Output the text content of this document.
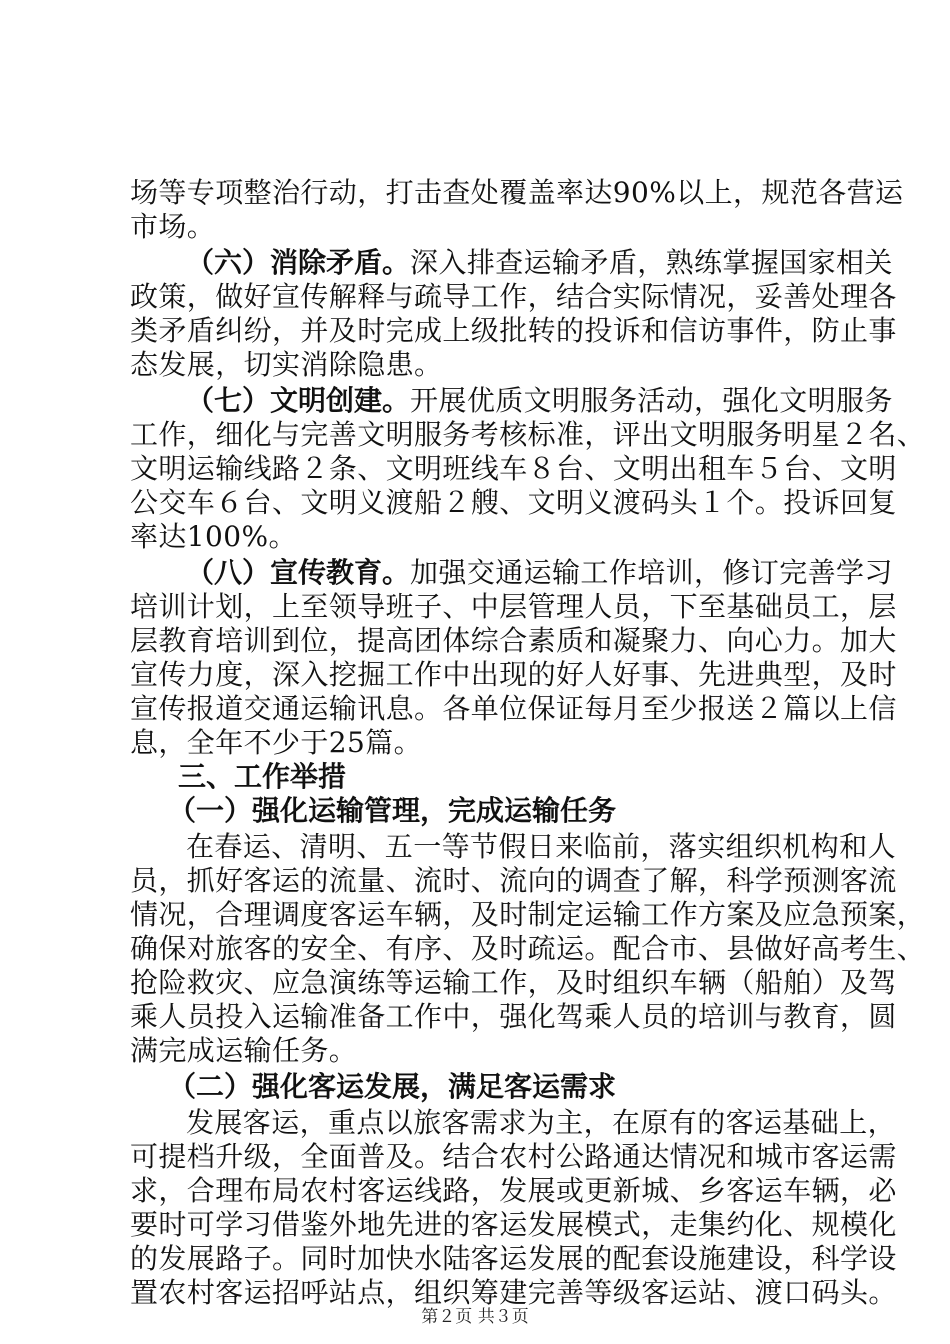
场等专项整治行动，打击查处覆盖率达90%以上，规范各营运
市场。
（六）消除矛盾。深入排查运输矛盾，熟练掌握国家相关
政策，做好宣传解释与疏导工作，结合实际情况，妥善处理各
类矛盾纠纷，并及时完成上级批转的投诉和信访事件，防止事
态发展，切实消除隐患。
（七）文明创建。开展优质文明服务活动，强化文明服务
工作，细化与完善文明服务考核标准，评出文明服务明星２名、
文明运输线路２条、文明班线车８台、文明出租车５台、文明
公交车６台、文明义渡船２艘、文明义渡码头１个。投诉回复
率达100%。
（八）宣传教育。加强交通运输工作培训，修订完善学习
培训计划，上至领导班子、中层管理人员，下至基础员工，层
层教育培训到位，提高团体综合素质和凝聚力、向心力。加大
宣传力度，深入挖掘工作中出现的好人好事、先进典型，及时
宣传报道交通运输讯息。各单位保证每月至少报送２篇以上信
息，全年不少于25篇。
三、工作举措
（一）强化运输管理，完成运输任务
在春运、清明、五一等节假日来临前，落实组织机构和人
员，抓好客运的流量、流时、流向的调查了解，科学预测客流
情况，合理调度客运车辆，及时制定运输工作方案及应急预案，
确保对旅客的安全、有序、及时疏运。配合市、县做好高考生、
抢险救灾、应急演练等运输工作，及时组织车辆（船舶）及驾
乘人员投入运输准备工作中，强化驾乘人员的培训与教育，圆
满完成运输任务。
（二）强化客运发展，满足客运需求
发展客运，重点以旅客需求为主，在原有的客运基础上，
可提档升级，全面普及。结合农村公路通达情况和城市客运需
求，合理布局农村客运线路，发展或更新城、乡客运车辆，必
要时可学习借鉴外地先进的客运发展模式，走集约化、规模化
的发展路子。同时加快水陆客运发展的配套设施建设，科学设
置农村客运招呼站点，组织筹建完善等级客运站、渡口码头。
第２页 共３页
